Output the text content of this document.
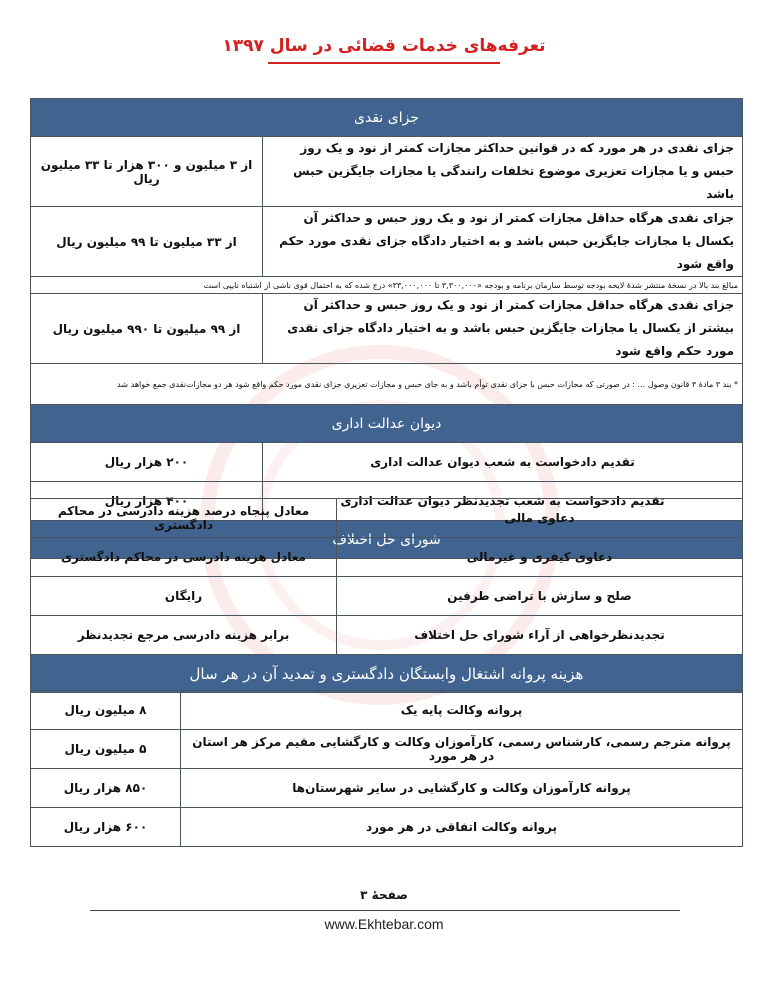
تعرفه‌های خدمات قضائی در سال ۱۳۹۷
جزای نقدی	
جزای نقدی در هر مورد که در قوانین حداکثر مجازات کمتر از نود و یک روز حبس و یا مجازات تعزیری موضوع تخلفات رانندگی یا مجازات جایگزین حبس باشد	از ۳ میلیون و ۳۰۰ هزار تا ۳۳ میلیون ریال
جزای نقدی هرگاه حداقل مجازات کمتر از نود و یک روز حبس و حداکثر آن یکسال یا مجازات جایگزین حبس باشد و به اختیار دادگاه جزای نقدی مورد حکم واقع شود	از ۳۳ میلیون تا ۹۹ میلیون ریال
مبالغ بند بالا در نسخهٔ منتشر شدهٔ لایحه بودجه توسط سازمان برنامه و بودجه «۳,۳۰۰,۰۰۰ تا ۳۳,۰۰۰,۰۰۰» درج شده که به احتمال قوی ناشی از اشتباه تایپی است	
جزای نقدی هرگاه حداقل مجازات کمتر از نود و یک روز حبس و حداکثر آن بیشتر از یکسال یا مجازات جایگزین حبس باشد و به اختیار دادگاه جزای نقدی مورد حکم واقع شود	از ۹۹ میلیون تا ۹۹۰ میلیون ریال
* بند ۳ مادهٔ ۳ قانون وصول ... : در صورتی که مجازات حبس با جزای نقدی توأم باشد و به جای حبس و مجازات تعزیری جزای نقدی مورد حکم واقع شود هر دو مجازات‌نقدی جمع خواهد شد	
دیوان عدالت اداری	
تقدیم دادخواست به شعب دیوان عدالت اداری	۲۰۰ هزار ریال
تقدیم دادخواست به شعب تجدیدنظر دیوان عدالت اداری	۴۰۰ هزار ریال
شورای حل اختلاف	
دعاوی مالی	معادل پنجاه درصد هزینه دادرسی در محاکم دادگستری
دعاوی کیفری و غیرمالی	معادل هزینه دادرسی در محاکم دادگستری
صلح و سازش با تراضی طرفین	رایگان
تجدیدنظرخواهی از آراء شورای حل اختلاف	برابر هزینه دادرسی مرجع تجدیدنظر
هزینه پروانه اشتغال وابستگان دادگستری و تمدید آن در هر سال	
پروانه وکالت پایه یک	۸ میلیون ریال
پروانه مترجم رسمی، کارشناس رسمی، کارآموزان وکالت و کارگشایی مقیم مرکز هر استان در هر مورد	۵ میلیون ریال
پروانه کارآموزان وکالت و کارگشایی در سایر شهرستان‌ها	۸۵۰ هزار ریال
پروانه وکالت اتفاقی در هر مورد	۶۰۰ هزار ریال
صفحهٔ ۳
www.Ekhtebar.com
